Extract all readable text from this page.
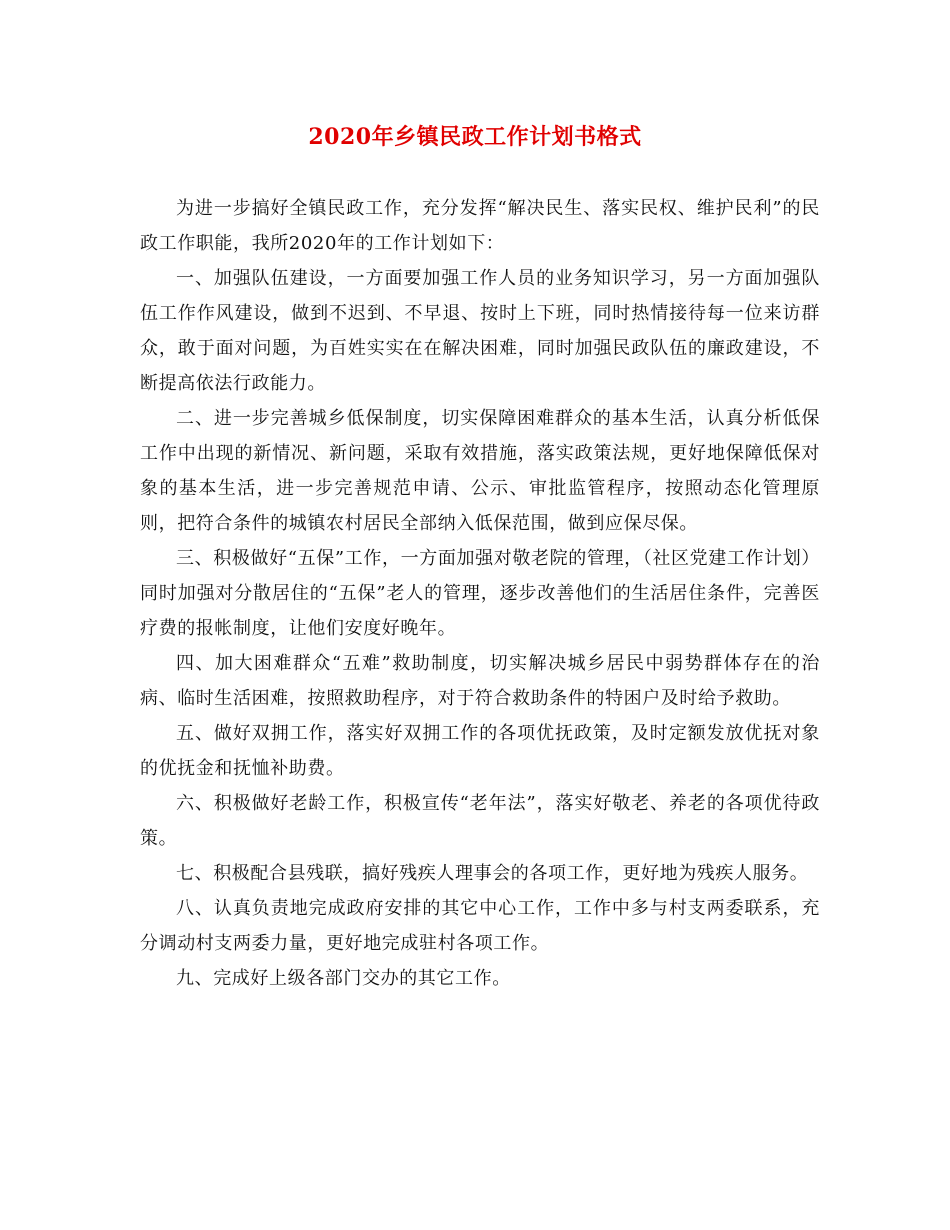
2020年乡镇民政工作计划书格式

为进一步搞好全镇民政工作，充分发挥“解决民生、落实民权、维护民利”的民政工作职能，我所2020年的工作计划如下：

一、加强队伍建设，一方面要加强工作人员的业务知识学习，另一方面加强队伍工作作风建设，做到不迟到、不早退、按时上下班，同时热情接待每一位来访群众，敢于面对问题，为百姓实实在在解决困难，同时加强民政队伍的廉政建设，不断提高依法行政能力。

二、进一步完善城乡低保制度，切实保障困难群众的基本生活，认真分析低保工作中出现的新情况、新问题，采取有效措施，落实政策法规，更好地保障低保对象的基本生活，进一步完善规范申请、公示、审批监管程序，按照动态化管理原则，把符合条件的城镇农村居民全部纳入低保范围，做到应保尽保。

三、积极做好“五保”工作，一方面加强对敬老院的管理，（社区党建工作计划）同时加强对分散居住的“五保”老人的管理，逐步改善他们的生活居住条件，完善医疗费的报帐制度，让他们安度好晚年。

四、加大困难群众“五难”救助制度，切实解决城乡居民中弱势群体存在的治病、临时生活困难，按照救助程序，对于符合救助条件的特困户及时给予救助。

五、做好双拥工作，落实好双拥工作的各项优抚政策，及时定额发放优抚对象的优抚金和抚恤补助费。

六、积极做好老龄工作，积极宣传“老年法”，落实好敬老、养老的各项优待政策。

七、积极配合县残联，搞好残疾人理事会的各项工作，更好地为残疾人服务。

八、认真负责地完成政府安排的其它中心工作，工作中多与村支两委联系，充分调动村支两委力量，更好地完成驻村各项工作。

九、完成好上级各部门交办的其它工作。
